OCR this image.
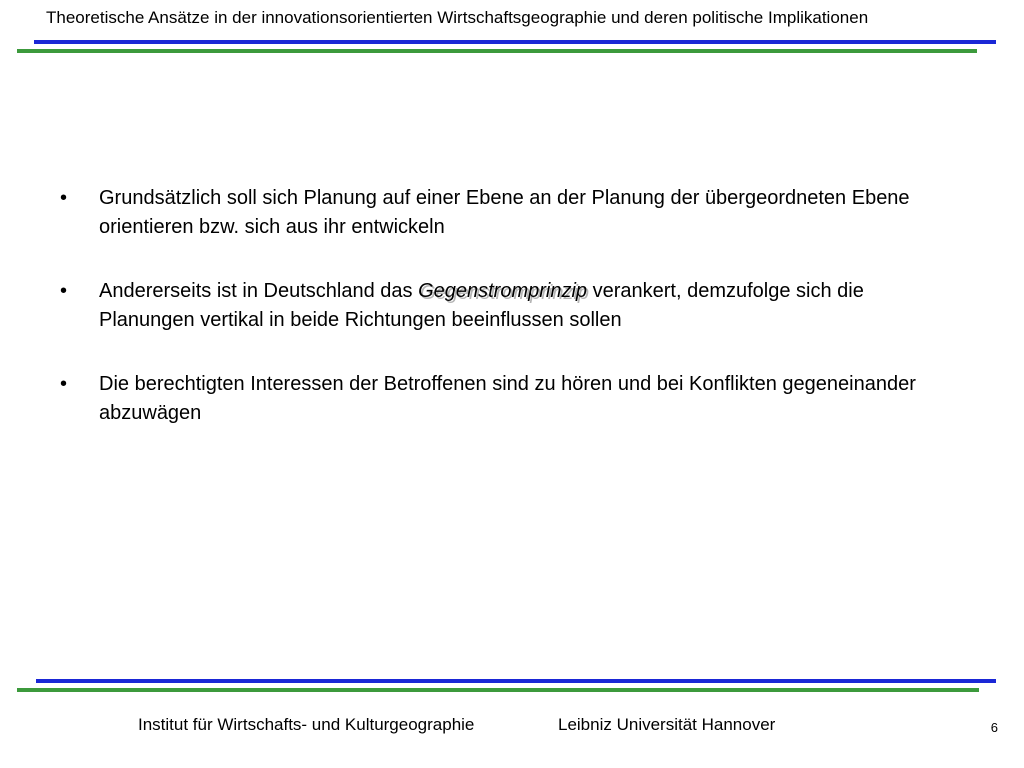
Theoretische Ansätze in der innovationsorientierten Wirtschaftsgeographie und deren politische Implikationen
• Grundsätzlich soll sich Planung auf einer Ebene an der Planung der übergeordneten Ebene orientieren bzw. sich aus ihr entwickeln
• Andererseits ist in Deutschland das Gegenstromprinzip verankert, demzufolge sich die Planungen vertikal in beide Richtungen beeinflussen sollen
• Die berechtigten Interessen der Betroffenen sind zu hören und bei Konflikten gegeneinander abzuwägen
Institut für Wirtschafts- und Kulturgeographie	Leibniz Universität Hannover	6
